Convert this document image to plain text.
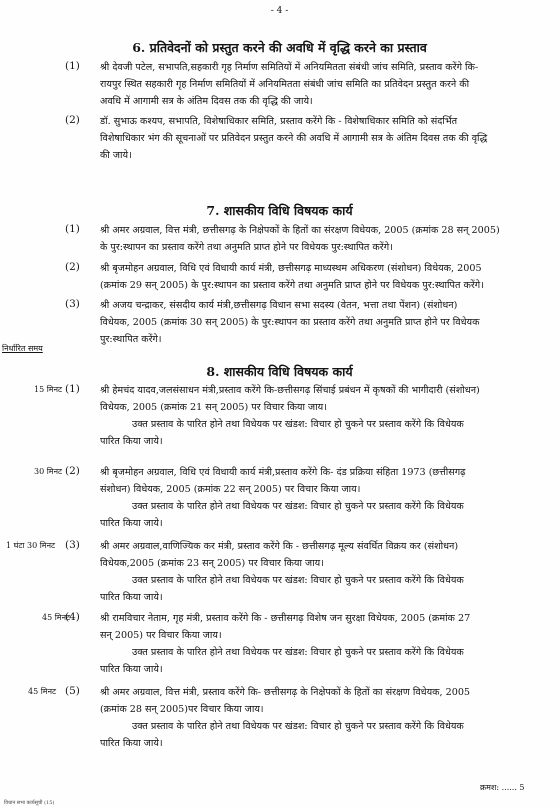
- 4 -
6. प्रतिवेदनों को प्रस्तुत करने की अवधि में वृद्धि करने का प्रस्ताव
(1) श्री देवजी पटेल, सभापति,सहकारी गृह निर्माण समितियों में अनियमितता संबंधी जांच समिति, प्रस्ताव करेंगे कि-
रायपुर स्थित सहकारी गृह निर्माण समितियों में अनियमितता संबंधी जांच समिति का प्रतिवेदन प्रस्तुत करने की
अवधि में आगामी सत्र के अंतिम दिवस तक की वृद्धि की जाये।
(2) डॉ. सुभाऊ कश्यप, सभापति, विशेषाधिकार समिति, प्रस्ताव करेंगे कि - विशेषाधिकार समिति को संदर्भित
विशेषाधिकार भंग की सूचनाओं पर प्रतिवेदन प्रस्तुत करने की अवधि में आगामी सत्र के अंतिम दिवस तक की वृद्धि
की जाये।
7. शासकीय विधि विषयक कार्य
(1) श्री अमर अग्रवाल, वित्त मंत्री, छत्तीसगढ़ के निक्षेपकों के हितों का संरक्षण विधेयक, 2005 (क्रमांक 28 सन् 2005)
के पुर:स्थापन का प्रस्ताव करेंगे तथा अनुमति प्राप्त होने पर विधेयक पुर:स्थापित करेंगे।
(2) श्री बृजमोहन अग्रवाल, विधि एवं विधायी कार्य मंत्री, छत्तीसगढ़ माध्यस्थम अधिकरण (संशोधन) विधेयक, 2005
(क्रमांक 29 सन् 2005) के पुर:स्थापन का प्रस्ताव करेंगे तथा अनुमति प्राप्त होने पर विधेयक पुर:स्थापित करेंगे।
(3) श्री अजय चन्द्राकर, संसदीय कार्य मंत्री,छत्तीसगढ़ विधान सभा सदस्य (वेतन, भत्ता तथा पेंशन) (संशोधन)
विधेयक, 2005 (क्रमांक 30 सन् 2005) के पुर:स्थापन का प्रस्ताव करेंगे तथा अनुमति प्राप्त होने पर विधेयक
पुर:स्थापित करेंगे।
8. शासकीय विधि विषयक कार्य
निर्धारित समय
15 मिनट (1) श्री हेमचंद यादव,जलसंसाधन मंत्री,प्रस्ताव करेंगे कि-छत्तीसगढ़ सिंचाई प्रबंधन में कृषकों की भागीदारी (संशोधन)
विधेयक, 2005 (क्रमांक 21 सन् 2005) पर विचार किया जाय।
उक्त प्रस्ताव के पारित होने तथा विधेयक पर खंडश: विचार हो चुकने पर प्रस्ताव करेंगे कि विधेयक
पारित किया जाये।
30 मिनट (2) श्री बृजमोहन अग्रवाल, विधि एवं विधायी कार्य मंत्री,प्रस्ताव करेंगे कि- दंड प्रक्रिया संहिता 1973 (छत्तीसगढ़
संशोधन) विधेयक, 2005 (क्रमांक 22 सन् 2005) पर विचार किया जाय।
उक्त प्रस्ताव के पारित होने तथा विधेयक पर खंडश: विचार हो चुकने पर प्रस्ताव करेंगे कि विधेयक
पारित किया जाये।
1 घंटा 30 मिनट (3) श्री अमर अग्रवाल,वाणिज्यिक कर मंत्री, प्रस्ताव करेंगे कि - छत्तीसगढ़ मूल्य संवर्धित विक्रय कर (संशोधन)
विधेयक,2005 (क्रमांक 23 सन् 2005) पर विचार किया जाय।
उक्त प्रस्ताव के पारित होने तथा विधेयक पर खंडश: विचार हो चुकने पर प्रस्ताव करेंगे कि विधेयक
पारित किया जाये।
45 मिनट
(4) श्री रामविचार नेताम, गृह मंत्री, प्रस्ताव करेंगे कि - छत्तीसगढ़ विशेष जन सुरक्षा विधेयक, 2005 (क्रमांक 27
सन् 2005) पर विचार किया जाय।
उक्त प्रस्ताव के पारित होने तथा विधेयक पर खंडश: विचार हो चुकने पर प्रस्ताव करेंगे कि विधेयक
पारित किया जाये।
45 मिनट (5) श्री अमर अग्रवाल, वित्त मंत्री, प्रस्ताव करेंगे कि- छत्तीसगढ़ के निक्षेपकों के हितों का संरक्षण विधेयक, 2005
(क्रमांक 28 सन् 2005)पर विचार किया जाय।
उक्त प्रस्ताव के पारित होने तथा विधेयक पर खंडश: विचार हो चुकने पर प्रस्ताव करेंगे कि विधेयक
पारित किया जाये।
क्रमश: ...... 5
विधान सभा कार्यसूची (15)
